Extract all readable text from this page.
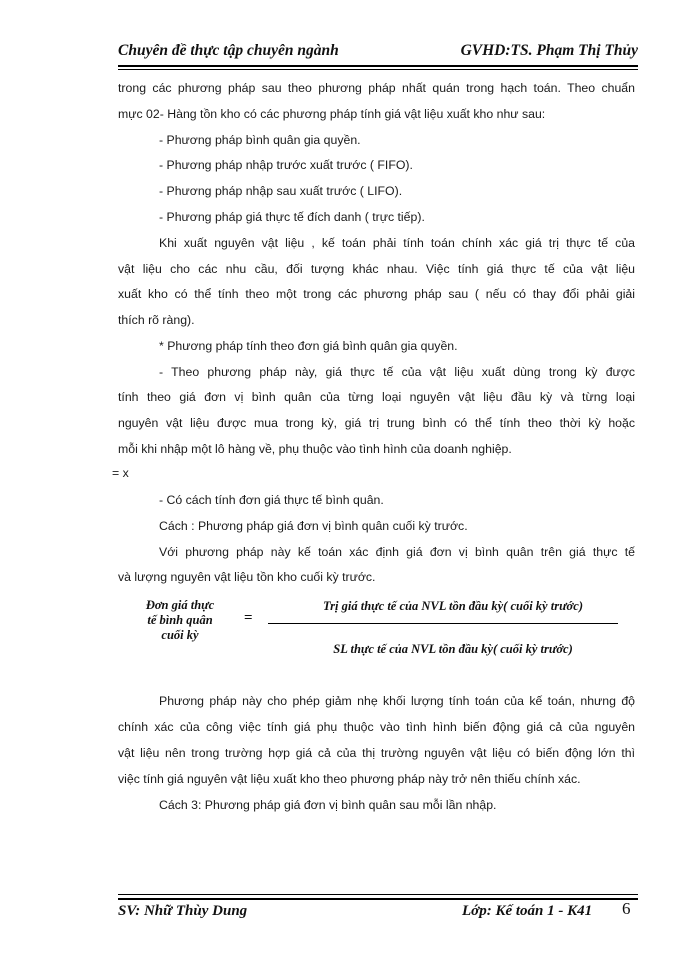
Chuyên đề thực tập chuyên ngành	GVHD:TS. Phạm Thị Thủy
trong các phương pháp sau theo phương pháp nhất quán trong hạch toán. Theo chuẩn
mực 02- Hàng tồn kho có các phương pháp tính giá vật liệu xuất kho như sau:
- Phương pháp bình quân gia quyền.
- Phương pháp nhập trước xuất trước ( FIFO).
- Phương pháp nhập sau xuất trước ( LIFO).
- Phương pháp giá thực tế đích danh ( trực tiếp).
Khi xuất nguyên vật liệu , kế toán phải tính toán chính xác giá trị thực tế của
vật liệu cho các nhu cầu, đối tượng khác nhau. Việc tính giá thực tế của vật liệu
xuất kho có thể tính theo một trong các phương pháp sau ( nếu có thay đổi phải giải
thích rõ ràng).
* Phương pháp tính theo đơn giá bình quân gia quyền.
- Theo phương pháp này, giá thực tế của vật liệu xuất dùng trong kỳ được
tính theo giá đơn vị bình quân của từng loại nguyên vật liệu đầu kỳ và từng loại
nguyên vật liệu được mua trong kỳ, giá trị trung bình có thể tính theo thời kỳ hoặc
mỗi khi nhập một lô hàng về, phụ thuộc vào tình hình của doanh nghiệp.
= x
- Có cách tính đơn giá thực tế bình quân.
Cách : Phương pháp giá đơn vị bình quân cuối kỳ trước.
Với phương pháp này kế toán xác định giá đơn vị bình quân trên giá thực tế
và lượng nguyên vật liệu tồn kho cuối kỳ trước.
Đơn giá thực
tế bình quân
cuối kỳ
=
Trị giá thực tế của NVL tồn đầu kỳ( cuối kỳ trước)
SL thực tế của NVL tồn đầu kỳ( cuối kỳ trước)
Phương pháp này cho phép giảm nhẹ khối lượng tính toán của kế toán, nhưng độ
chính xác của công việc tính giá phụ thuộc vào tình hình biến động giá cả của nguyên
vật liệu nên trong trường hợp giá cả của thị trường nguyên vật liệu có biến động lớn thì
việc tính giá nguyên vật liệu xuất kho theo phương pháp này trở nên thiếu chính xác.
Cách 3: Phương pháp giá đơn vị bình quân sau mỗi lần nhập.
SV: Nhữ Thùy Dung	Lớp: Kế toán 1 - K41 6
